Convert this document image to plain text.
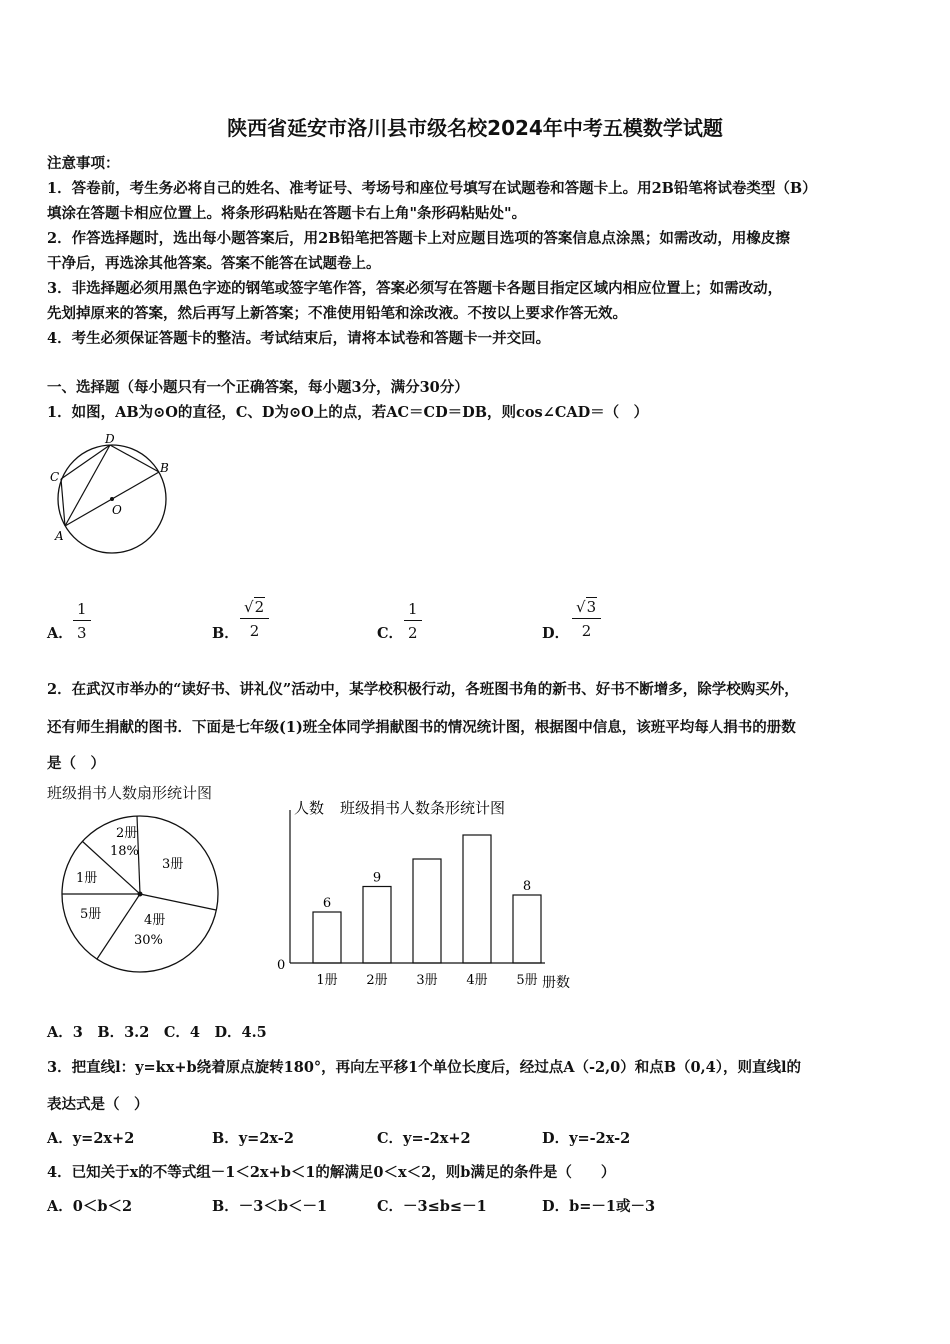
陕西省延安市洛川县市级名校2024年中考五模数学试题
注意事项：
1．答卷前，考生务必将自己的姓名、准考证号、考场号和座位号填写在试题卷和答题卡上。用2B铅笔将试卷类型（B）
填涂在答题卡相应位置上。将条形码粘贴在答题卡右上角"条形码粘贴处"。
2．作答选择题时，选出每小题答案后，用2B铅笔把答题卡上对应题目选项的答案信息点涂黑；如需改动，用橡皮擦
干净后，再选涂其他答案。答案不能答在试题卷上。
3．非选择题必须用黑色字迹的钢笔或签字笔作答，答案必须写在答题卡各题目指定区域内相应位置上；如需改动，
先划掉原来的答案，然后再写上新答案；不准使用铅笔和涂改液。不按以上要求作答无效。
4．考生必须保证答题卡的整洁。考试结束后，请将本试卷和答题卡一并交回。
一、选择题（每小题只有一个正确答案，每小题3分，满分30分）
1．如图，AB为⊙O的直径，C、D为⊙O上的点，若AC＝CD＝DB，则cos∠CAD＝（　）
D
C
B
O
A
A．
1
3	B．
√2
2	C．
1
2	D．
√3
2
2．在武汉市举办的“读好书、讲礼仪”活动中，某学校积极行动，各班图书角的新书、好书不断增多，除学校购买外，
还有师生捐献的图书．下面是七年级(1)班全体同学捐献图书的情况统计图，根据图中信息，该班平均每人捐书的册数
是（　）
班级捐书人数扇形统计图
2册
18%
3册
4册
30%
5册
1册
人数 班级捐书人数条形统计图
0
册数
6
1册
9
2册 3册 4册
8
5册
A．3　B．3.2　C．4　D．4.5
3．把直线l：y=kx+b绕着原点旋转180°，再向左平移1个单位长度后，经过点A（-2,0）和点B（0,4），则直线l的
表达式是（　）
A．y=2x+2	B．y=2x-2	C．y=-2x+2	D．y=-2x-2
4．已知关于x的不等式组－1＜2x+b＜1的解满足0＜x＜2，则b满足的条件是（　　）
A．0＜b＜2	B．－3＜b＜－1	C．－3≤b≤－1	D．b=－1或－3
